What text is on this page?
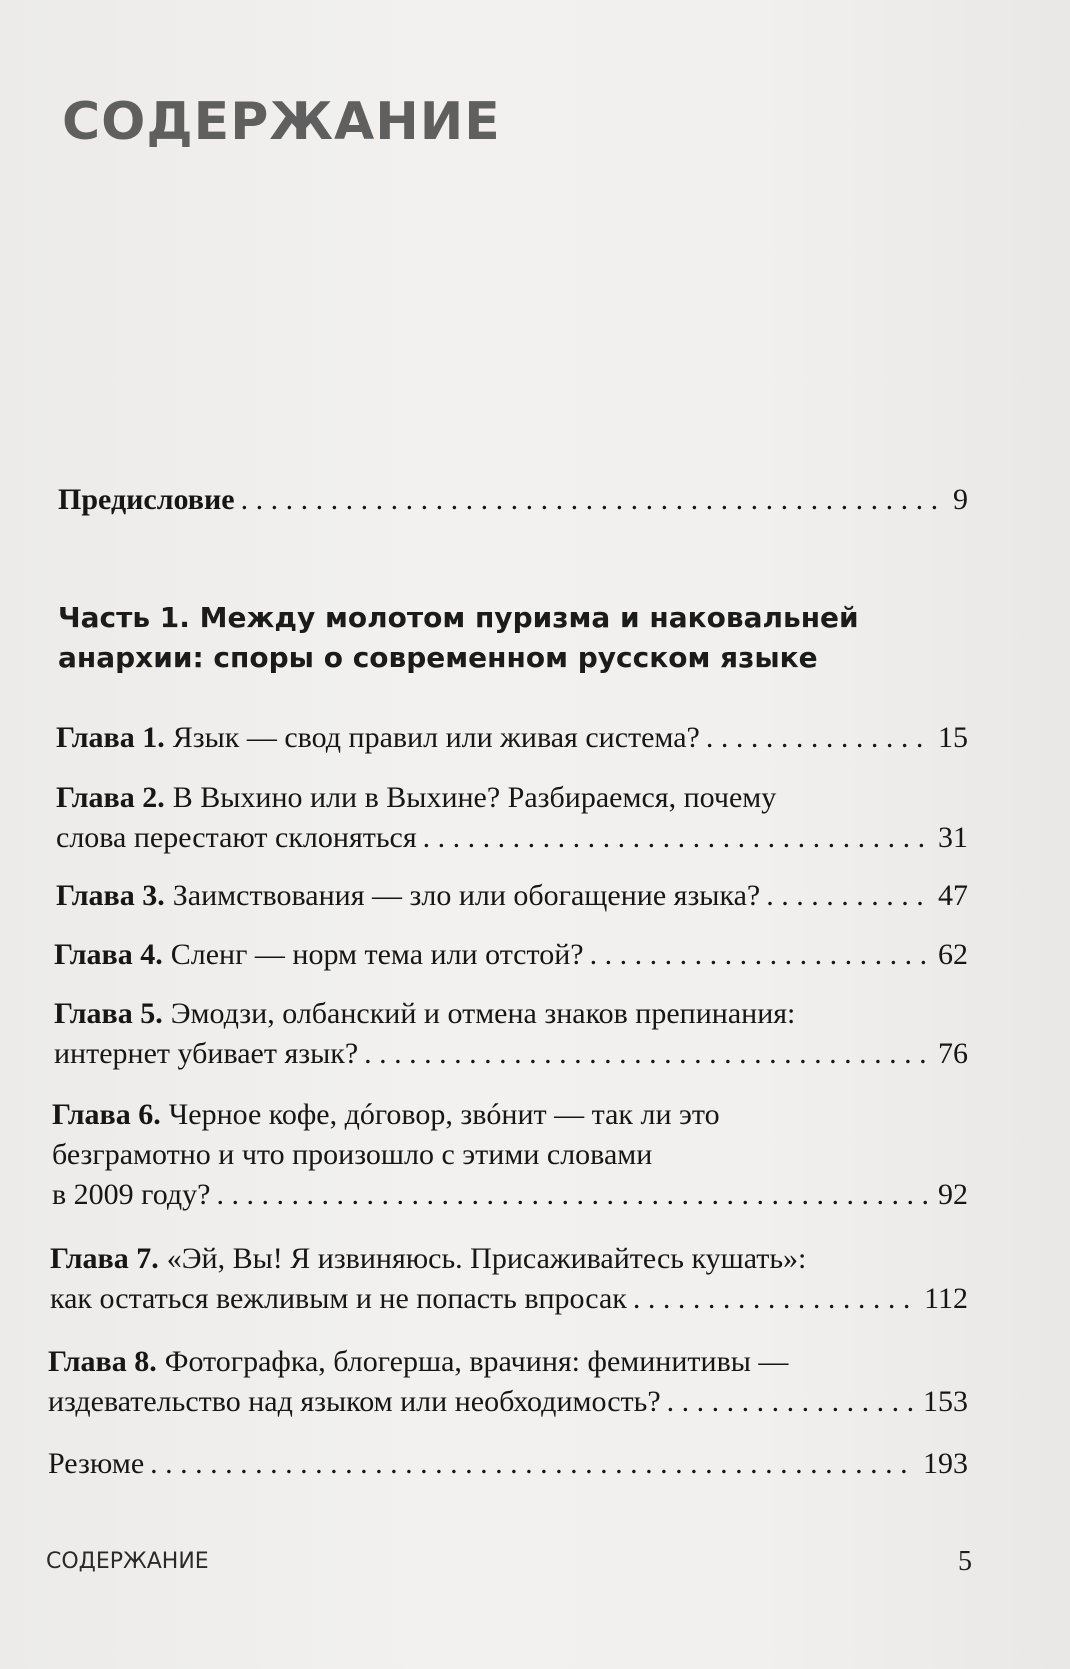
СОДЕРЖАНИЕ
Предисловие . . .	9
Часть 1. Между молотом пуризма и наковальней
анархии: споры о современном русском языке
Глава 1. Язык — свод правил или живая система? . . .	15
Глава 2. В Выхино или в Выхине? Разбираемся, почему
слова перестают склоняться . . .	31
Глава 3. Заимствования — зло или обогащение языка? . . .	47
Глава 4. Сленг — норм тема или отстой? . . .	62
Глава 5. Эмодзи, олбанский и отмена знаков препинания:
интернет убивает язык? . . .	76
Глава 6. Черное кофе, дóговор, звóнит — так ли это
безграмотно и что произошло с этими словами
в 2009 году? . . .	92
Глава 7. «Эй, Вы! Я извиняюсь. Присаживайтесь кушать»:
как остаться вежливым и не попасть впросак . . .	112
Глава 8. Фотографка, блогерша, врачиня: феминитивы —
издевательство над языком или необходимость? . . .	153
Резюме . . .	193
СОДЕРЖАНИЕ	5
